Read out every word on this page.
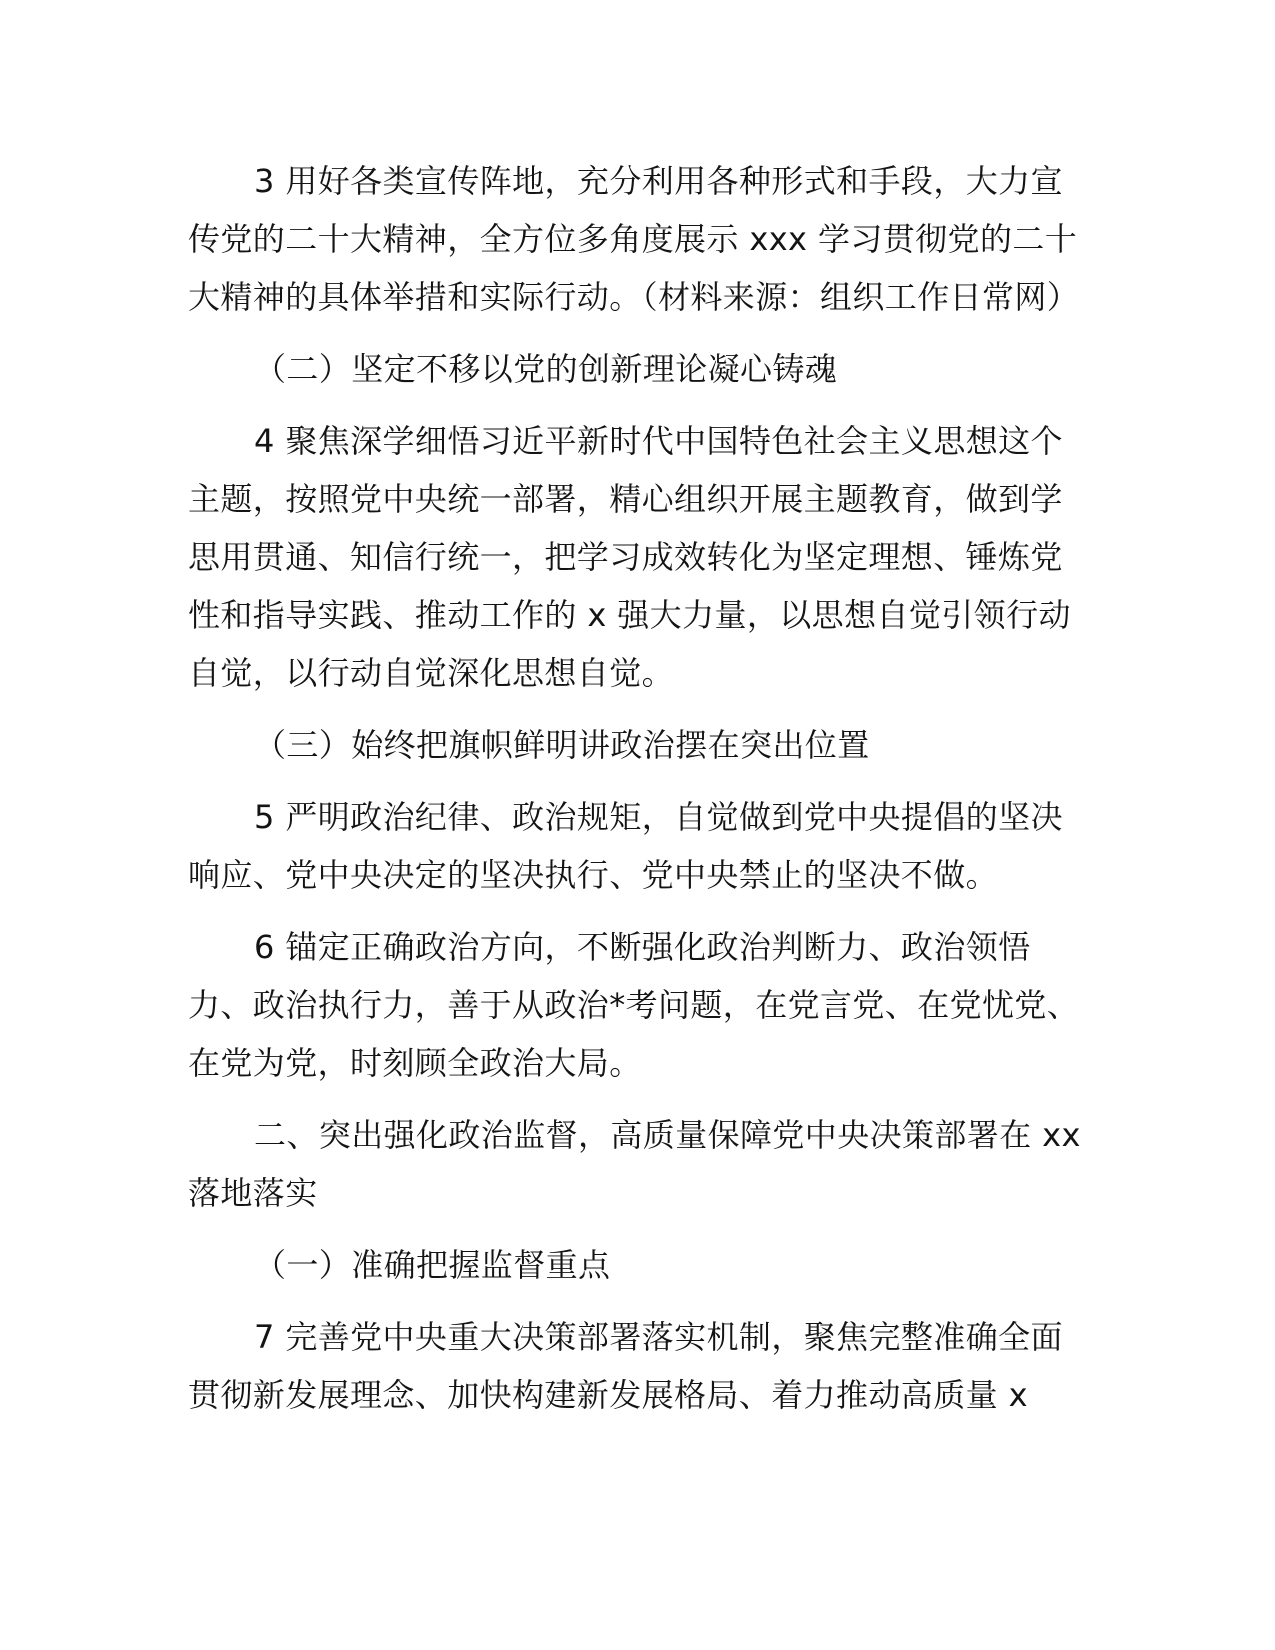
3 用好各类宣传阵地，充分利用各种形式和手段，大力宣传党的二十大精神，全方位多角度展示 xxx 学习贯彻党的二十大精神的具体举措和实际行动。（材料来源：组织工作日常网）

（二）坚定不移以党的创新理论凝心铸魂

4 聚焦深学细悟习近平新时代中国特色社会主义思想这个主题，按照党中央统一部署，精心组织开展主题教育，做到学思用贯通、知信行统一，把学习成效转化为坚定理想、锤炼党性和指导实践、推动工作的 x 强大力量，以思想自觉引领行动自觉，以行动自觉深化思想自觉。

（三）始终把旗帜鲜明讲政治摆在突出位置

5 严明政治纪律、政治规矩，自觉做到党中央提倡的坚决响应、党中央决定的坚决执行、党中央禁止的坚决不做。

6 锚定正确政治方向，不断强化政治判断力、政治领悟力、政治执行力，善于从政治*考问题，在党言党、在党忧党、在党为党，时刻顾全政治大局。

二、突出强化政治监督，高质量保障党中央决策部署在 xx 落地落实

（一）准确把握监督重点

7 完善党中央重大决策部署落实机制，聚焦完整准确全面贯彻新发展理念、加快构建新发展格局、着力推动高质量 x
